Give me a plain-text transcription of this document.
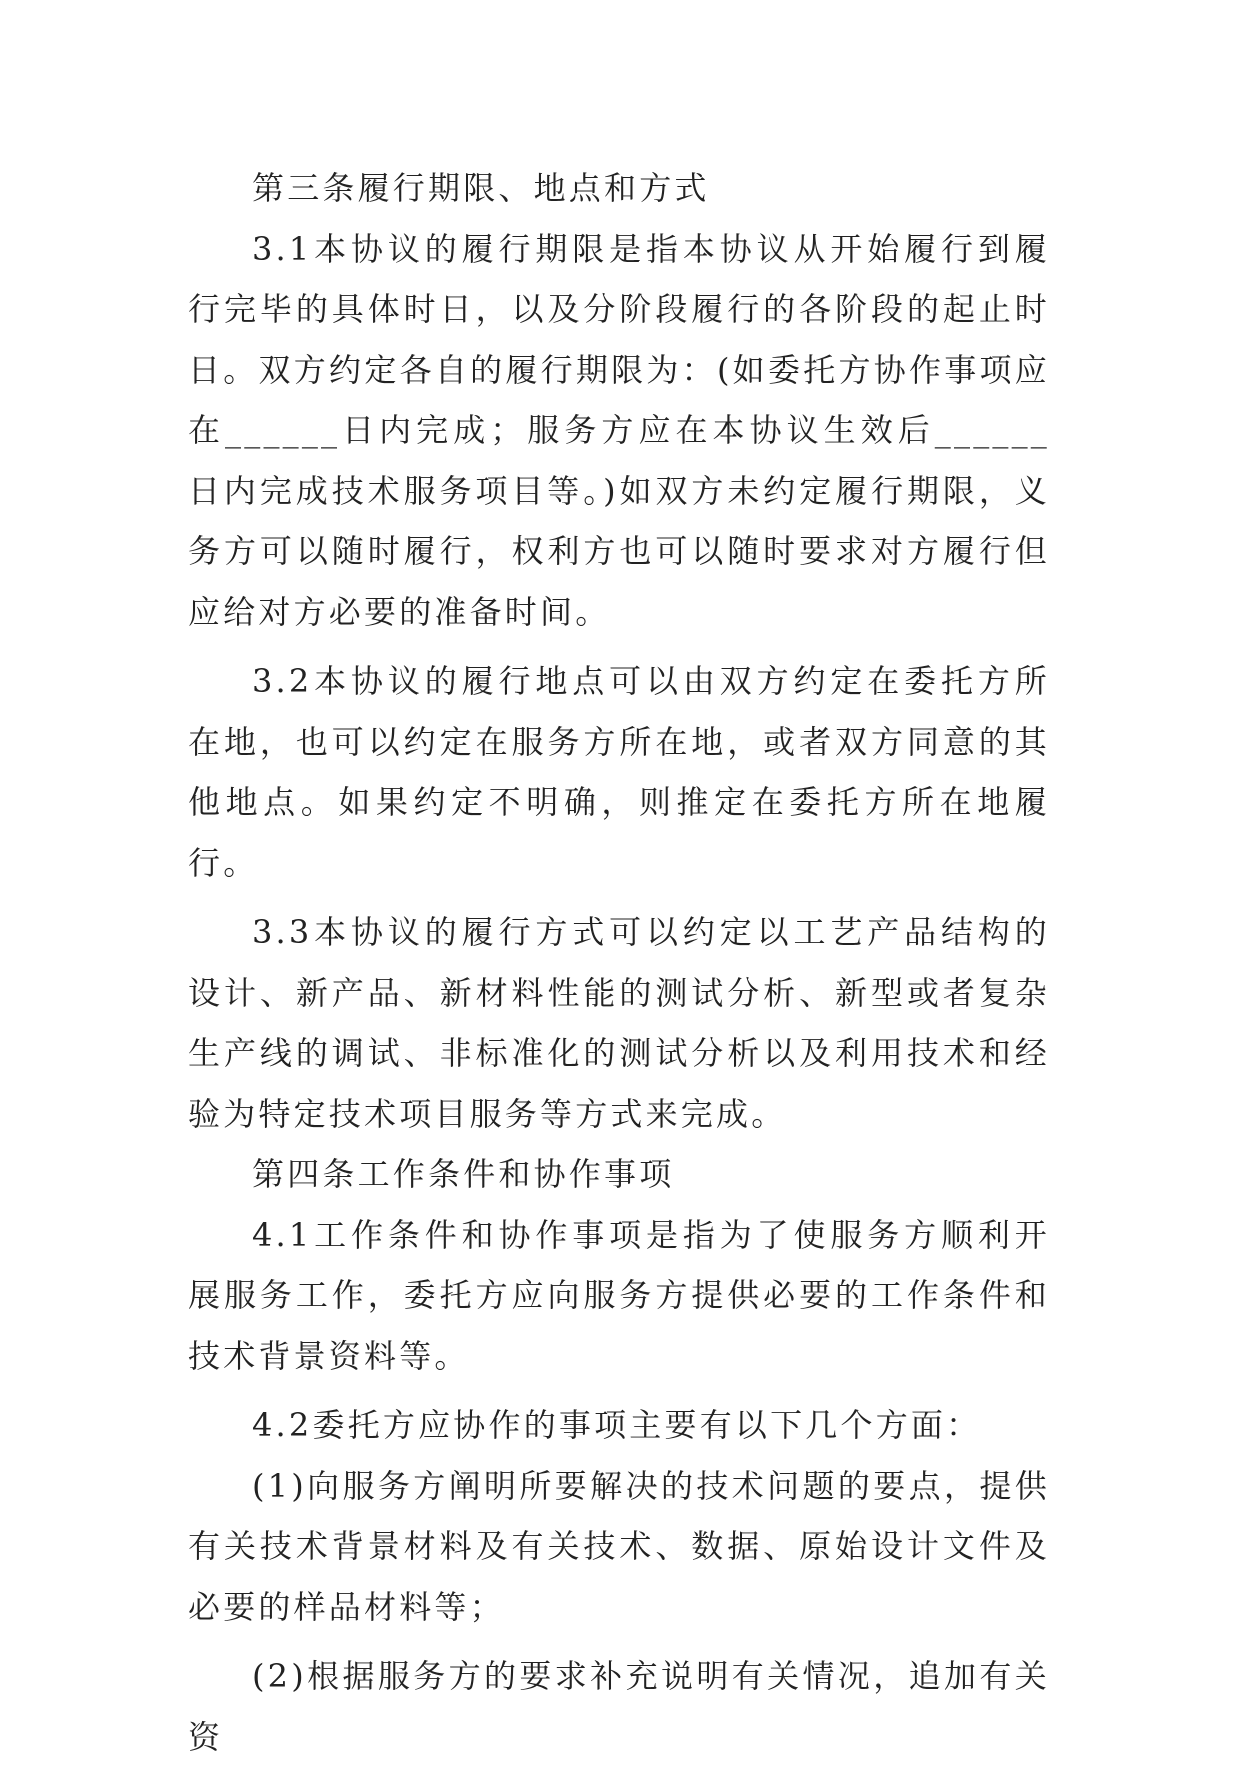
第三条履行期限、地点和方式

3.1本协议的履行期限是指本协议从开始履行到履行完毕的具体时日，以及分阶段履行的各阶段的起止时日。双方约定各自的履行期限为：(如委托方协作事项应在______日内完成；服务方应在本协议生效后______日内完成技术服务项目等。)如双方未约定履行期限，义务方可以随时履行，权利方也可以随时要求对方履行但应给对方必要的准备时间。

3.2本协议的履行地点可以由双方约定在委托方所在地，也可以约定在服务方所在地，或者双方同意的其他地点。如果约定不明确，则推定在委托方所在地履行。

3.3本协议的履行方式可以约定以工艺产品结构的设计、新产品、新材料性能的测试分析、新型或者复杂生产线的调试、非标准化的测试分析以及利用技术和经验为特定技术项目服务等方式来完成。

第四条工作条件和协作事项

4.1工作条件和协作事项是指为了使服务方顺利开展服务工作，委托方应向服务方提供必要的工作条件和技术背景资料等。

4.2委托方应协作的事项主要有以下几个方面：

(1)向服务方阐明所要解决的技术问题的要点，提供有关技术背景材料及有关技术、数据、原始设计文件及必要的样品材料等；

(2)根据服务方的要求补充说明有关情况，追加有关资
